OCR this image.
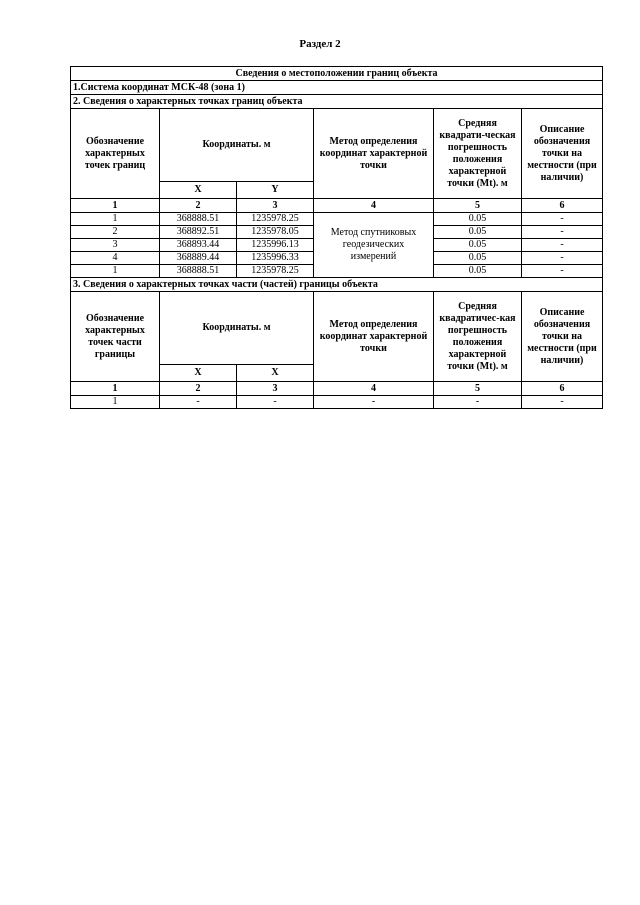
Раздел 2
Сведения о местоположении границ объекта					
1.Система координат МСК-48 (зона 1)					
2. Сведения о характерных точках границ объекта					
Обозначение характерных точек границ	Координаты. м		Метод определения координат характерной точки	Средняя квадрати-ческая погрешность положения характерной точки (Mt). м	Описание обозначения точки на местности (при наличии)
	X	Y			
1	2	3	4	5	6
1	368888.51	1235978.25	Метод спутниковых геодезических измерений	0.05	-
2	368892.51	1235978.05		0.05	-
3	368893.44	1235996.13		0.05	-
4	368889.44	1235996.33		0.05	-
1	368888.51	1235978.25		0.05	-
3. Сведения о характерных точках части (частей) границы объекта					
Обозначение характерных точек части границы	Координаты. м		Метод определения координат характерной точки	Средняя квадратичес-кая погрешность положения характерной точки (Mt). м	Описание обозначения точки на местности (при наличии)
	X	X			
1	2	3	4	5	6
1	-	-	-	-	-
